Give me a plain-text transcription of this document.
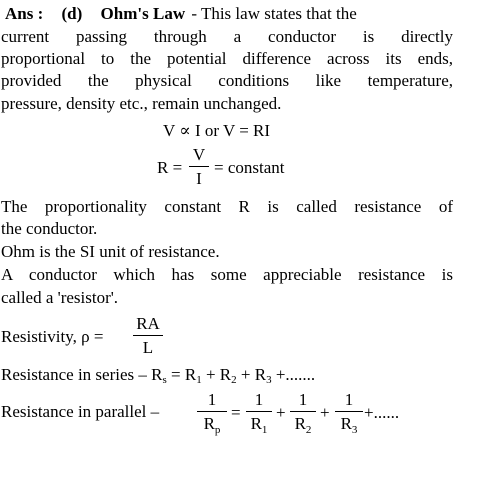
Ans : (d) Ohm's Law - This law states that the
current passing through a conductor is directly
proportional to the potential difference across its ends,
provided the physical conditions like temperature,
pressure, density etc., remain unchanged.
V ∝ I or V = RI
R =
V
I
= constant
The proportionality constant R is called resistance of
the conductor.
Ohm is the SI unit of resistance.
A conductor which has some appreciable resistance is
called a 'resistor'.
Resistivity, ρ =
RA
L
Resistance in series – $R_s = R_1 + R_2 + R_3$ +.......
Resistance in parallel –
1
$R_p$
=
1
$R_1$
+
1
$R_2$
+
1
$R_3$
+......
